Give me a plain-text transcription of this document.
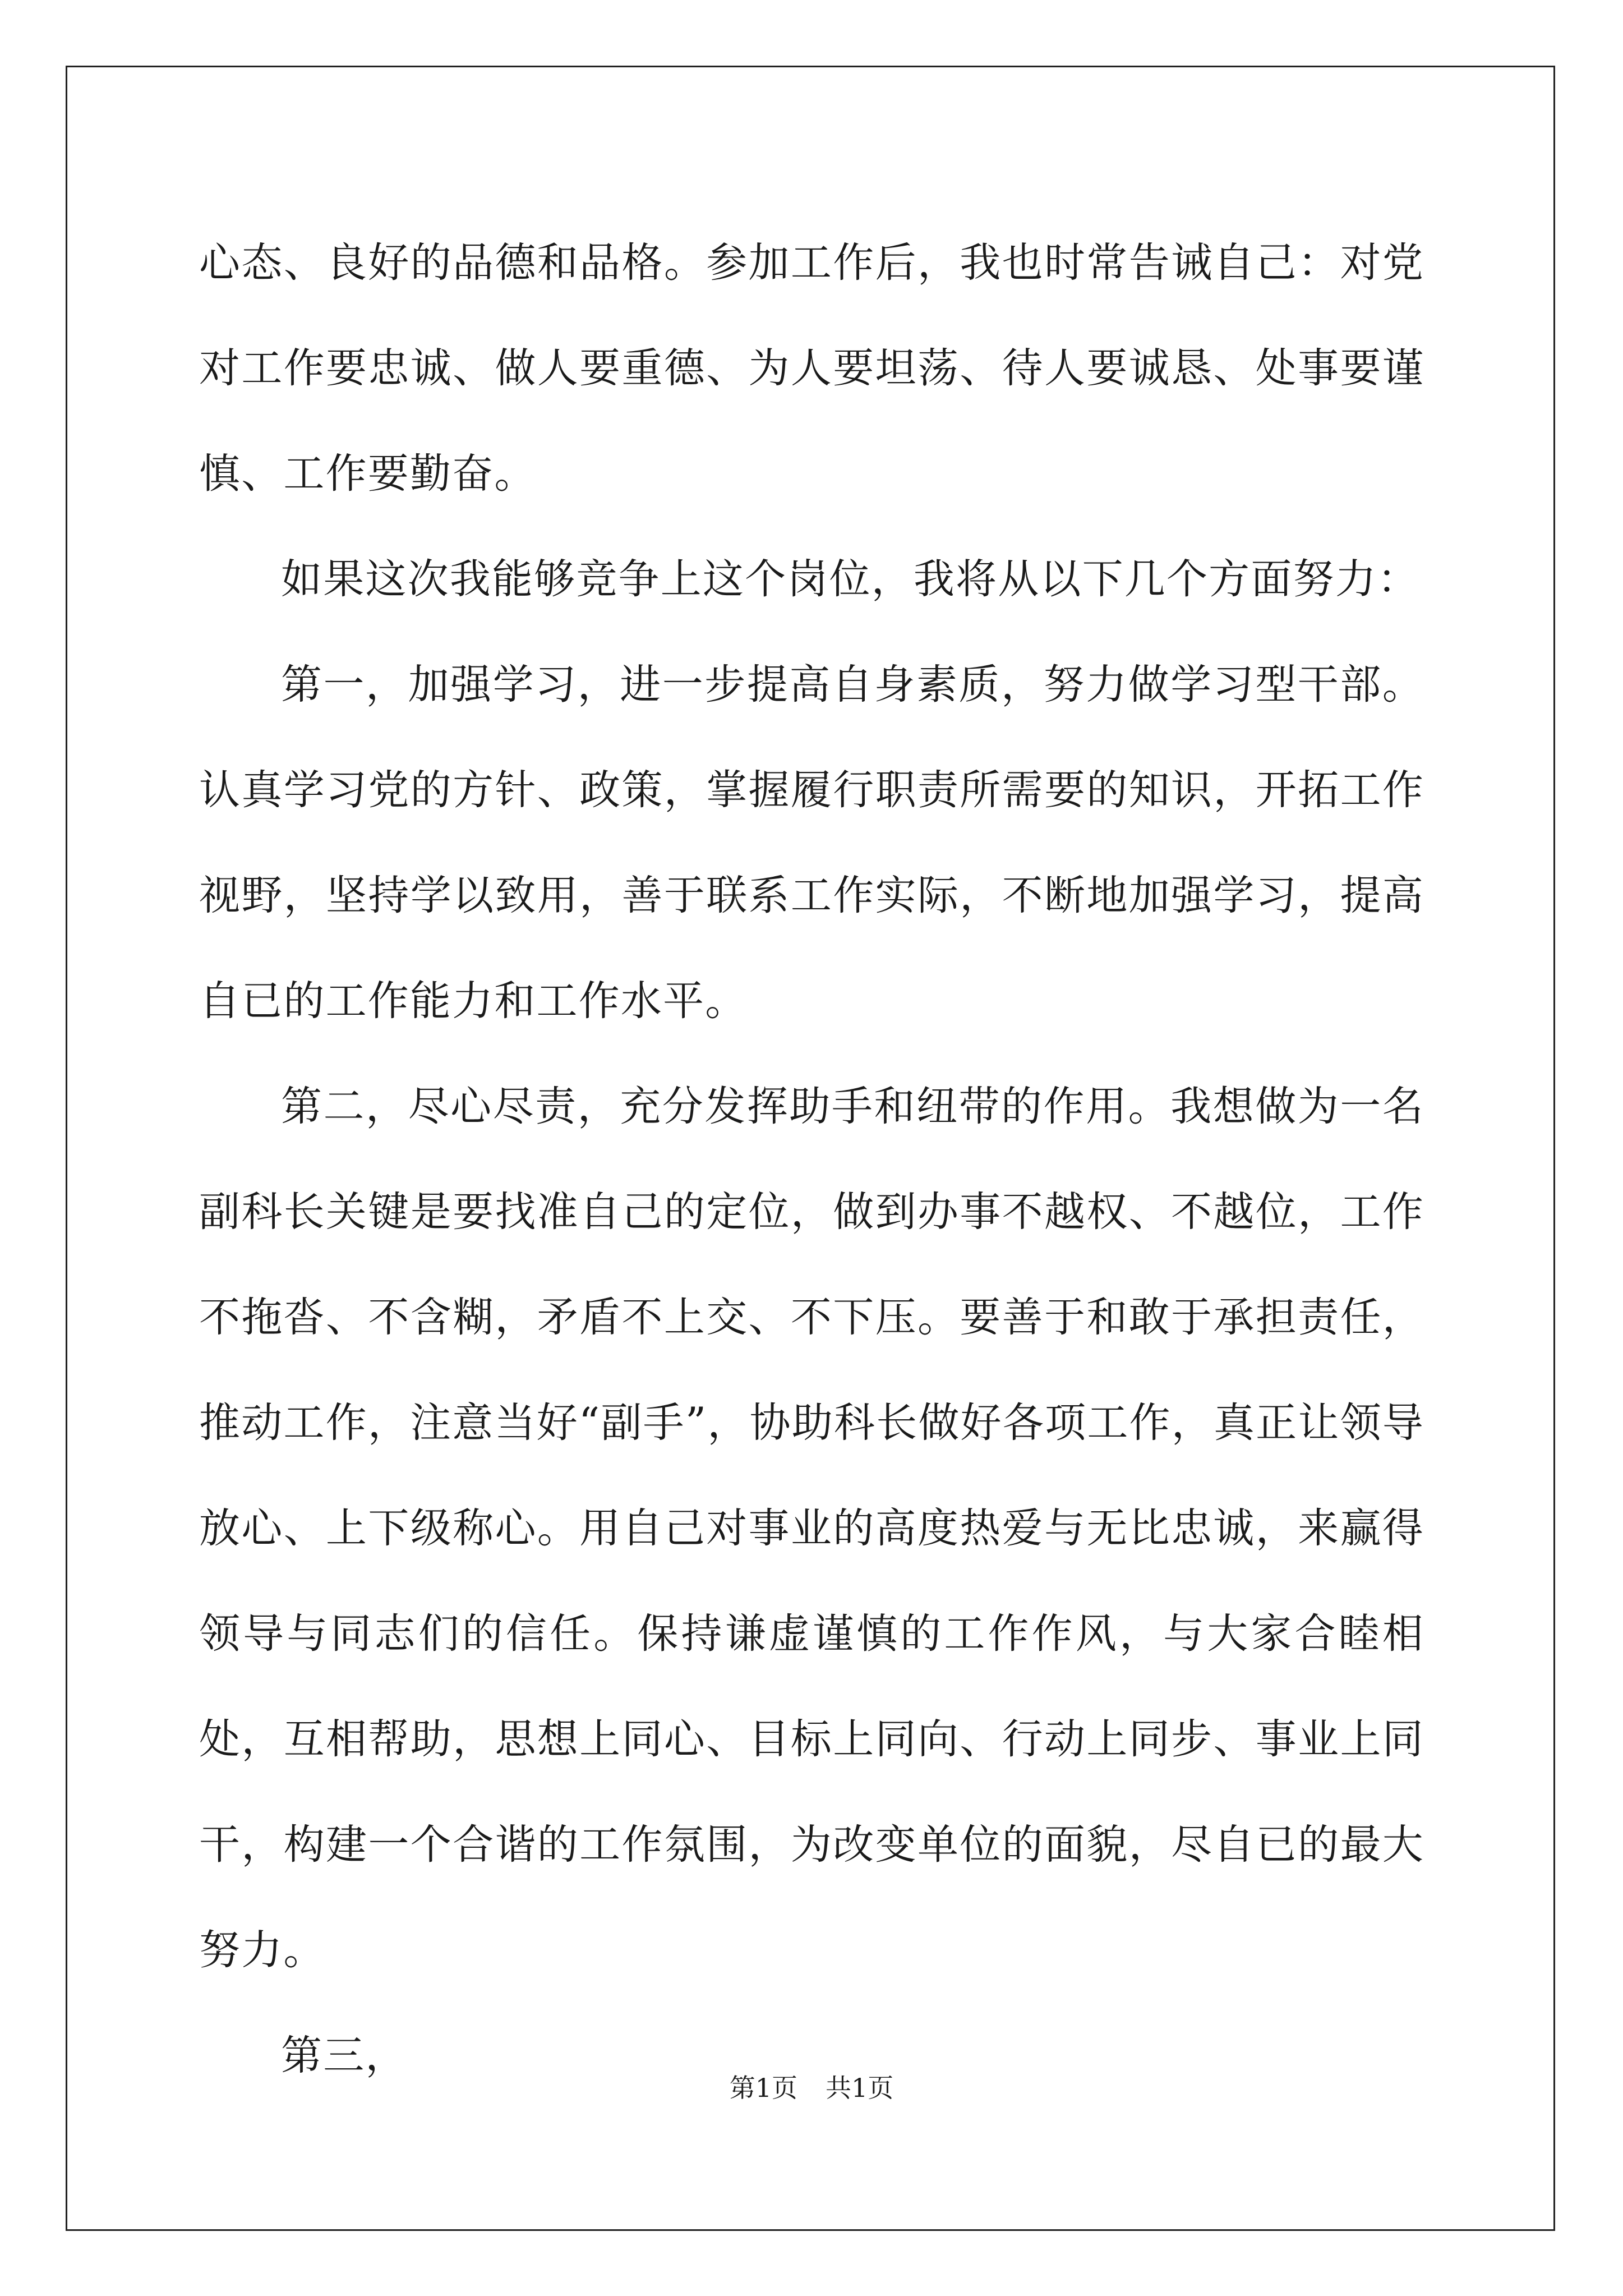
心态、良好的品德和品格。参加工作后，我也时常告诫自己：对党对工作要忠诚、做人要重德、为人要坦荡、待人要诚恳、处事要谨慎、工作要勤奋。

如果这次我能够竞争上这个岗位，我将从以下几个方面努力：

第一，加强学习，进一步提高自身素质，努力做学习型干部。认真学习党的方针、政策，掌握履行职责所需要的知识，开拓工作视野，坚持学以致用，善于联系工作实际，不断地加强学习，提高自已的工作能力和工作水平。

第二，尽心尽责，充分发挥助手和纽带的作用。我想做为一名副科长关键是要找准自己的定位，做到办事不越权、不越位，工作不拖沓、不含糊，矛盾不上交、不下压。要善于和敢于承担责任，推动工作，注意当好“副手”，协助科长做好各项工作，真正让领导放心、上下级称心。用自己对事业的高度热爱与无比忠诚，来赢得领导与同志们的信任。保持谦虚谨慎的工作作风，与大家合睦相处，互相帮助，思想上同心、目标上同向、行动上同步、事业上同干，构建一个合谐的工作氛围，为改变单位的面貌，尽自已的最大努力。

第三，

第1页 共1页
